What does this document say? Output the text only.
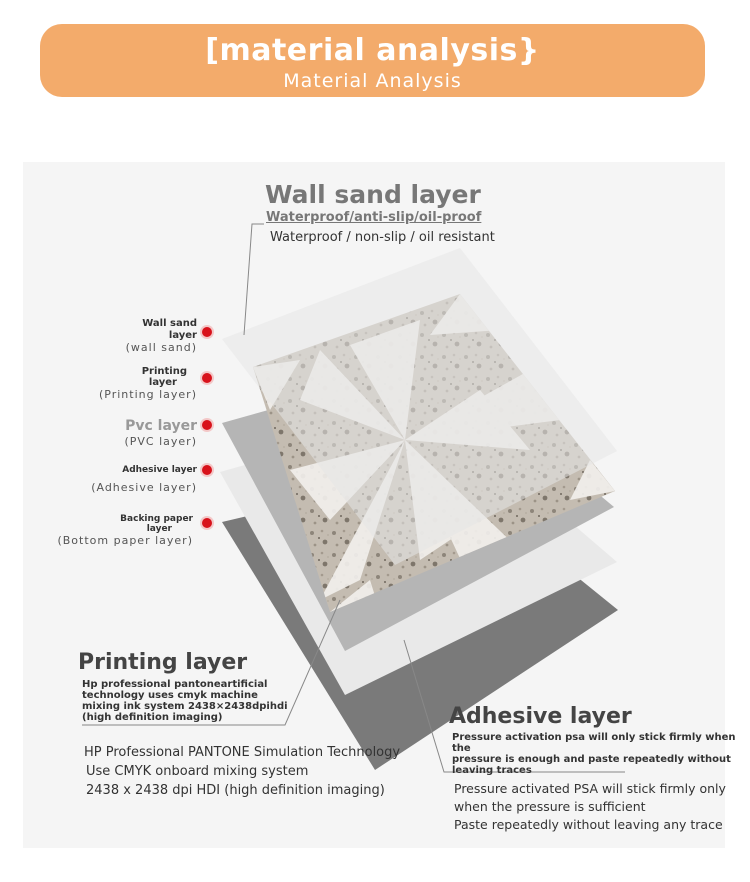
[material analysis}
Material Analysis

Wall sand layer

Waterproof/anti-slip/oil-proof

Waterproof / non-slip / oil resistant

Wall sand

layer

(wall sand)

Printing

layer

(Printing layer)

Pvc layer

(PVC layer)

Adhesive layer

(Adhesive layer)

Backing paper

layer

(Bottom paper layer)

Printing layer

Hp professional pantoneartificial
technology uses cmyk machine
mixing ink system 2438×2438dpihdi
(high definition imaging)
HP Professional PANTONE Simulation Technology
Use CMYK onboard mixing system
2438 x 2438 dpi HDI (high definition imaging)

Adhesive layer

Pressure activation psa will only stick firmly when the
pressure is enough and paste repeatedly without
leaving traces
Pressure activated PSA will stick firmly only
when the pressure is sufficient
Paste repeatedly without leaving any trace
